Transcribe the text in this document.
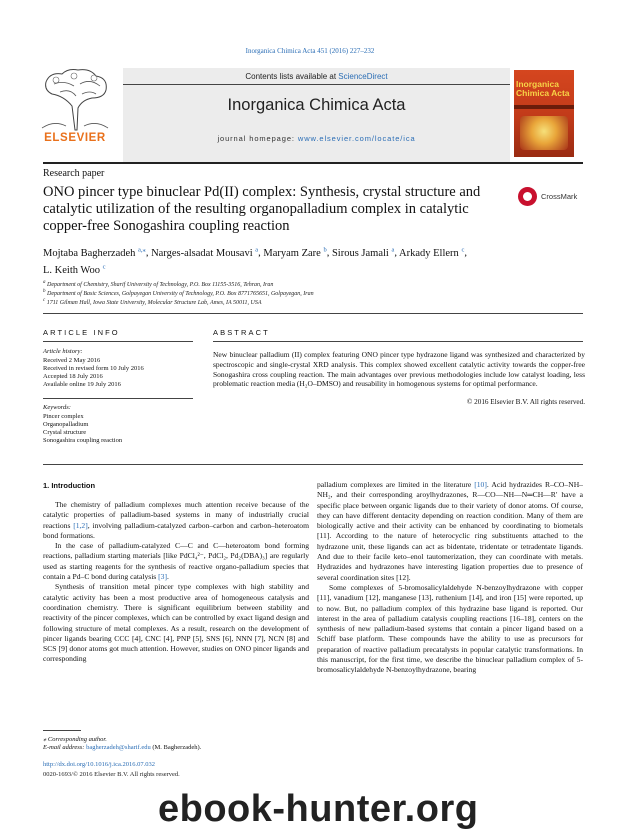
Inorganica Chimica Acta 451 (2016) 227–232
ELSEVIER
Contents lists available at ScienceDirect
Inorganica Chimica Acta
journal homepage: www.elsevier.com/locate/ica
Inorganica Chimica Acta
Research paper
ONO pincer type binuclear Pd(II) complex: Synthesis, crystal structure and catalytic utilization of the resulting organopalladium complex in catalytic copper-free Sonogashira coupling reaction
CrossMark
Mojtaba Bagherzadeh $^{a,⁎}$, Narges-alsadat Mousavi $^a$, Maryam Zare $^b$, Sirous Jamali $^a$, Arkady Ellern $^c$,
L. Keith Woo $^c$
$^a$ Department of Chemistry, Sharif University of Technology, P.O. Box 11155-3516, Tehran, Iran
$^b$ Department of Basic Sciences, Golpayegan University of Technology, P.O. Box 8771765651, Golpayegan, Iran
$^c$ 1711 Gilman Hall, Iowa State University, Molecular Structure Lab, Ames, IA 50011, USA
ARTICLE INFO
Article history:
Received 2 May 2016
Received in revised form 10 July 2016
Accepted 18 July 2016
Available online 19 July 2016
Keywords:
Pincer complex
Organopalladium
Crystal structure
Sonogashira coupling reaction
ABSTRACT
New binuclear palladium (II) complex featuring ONO pincer type hydrazone ligand was synthesized and characterized by spectroscopic and single-crystal XRD analysis. This complex showed excellent catalytic activity towards the copper-free Sonogashira cross coupling reaction. The main advantages over previous methodologies include low catalyst loading, less problematic reaction media (H₂O–DMSO) and reusability in homogenous systems for optimal performance.
© 2016 Elsevier B.V. All rights reserved.
1. Introduction

The chemistry of palladium complexes much attention receive because of the catalytic properties of palladium-based systems in many of industrially crucial reactions [1,2], involving palladium-catalyzed carbon–carbon and carbon–heteroatom bond formations.

In the case of palladium-catalyzed C—C and C—heteroatom bond forming reactions, palladium starting materials [like PdCl₄²⁻, PdCl₂, Pd₂(DBA)₃] are regularly used as starting reagents for the synthesis of reactive organo-palladium species that contain a Pd–C bond during catalysis [3].

Synthesis of transition metal pincer type complexes with high stability and catalytic activity has been a most productive area of homogeneous catalysis and coordination chemistry. There is significant equilibrium between stability and reactivity of the pincer complexes, which can be controlled by exact ligand design and following structure of metal complexes. As a result, research on the development of pincer ligands bearing CCC [4], CNC [4], PNP [5], SNS [6], NNN [7], NCN [8] and SCS [9] donor atoms got much attention. However, studies on ONO pincer ligands and corresponding

palladium complexes are limited in the literature [10]. Acid hydrazides R–CO–NH–NH₂, and their corresponding aroylhydrazones, R—CO—NH—N═CH—R′ have a specific place between organic ligands due to their variety of donor atoms. Of course, they can have different dentacity depending on reaction condition. Many of them are biologically active and their activity can be enhanced by coordinating to biometals [11]. According to the nature of heterocyclic ring substituents attached to the hydrazone unit, these ligands can act as bidentate, tridentate or tetradentate ligands. And due to their facile keto–enol tautomerization, they can coordinate with metals. Hydrazides and hydrazones have interesting ligation properties due to presence of several coordination sites [12].

Some complexes of 5-bromosalicylaldehyde N-benzoylhydrazone with copper [11], vanadium [12], manganese [13], ruthenium [14], and iron [15] were reported, up to now. But, no palladium complex of this hydrazine base ligand is reported. Our interest in the area of palladium catalysis coupling reactions [16–18], centers on the synthesis of new palladium-based systems that contain a pincer ligand based on a Schiff base platform. These compounds have the ability to use as precursors for preparation of reactive palladium precatalysts in popular catalytic transformations. In this manuscript, for the first time, we describe the binuclear palladium complex of 5-bromosalicylaldehyde N-benzoylhydrazone, bearing

⁎ Corresponding author.
E-mail address: bagherzadeh@sharif.edu (M. Bagherzadeh).
http://dx.doi.org/10.1016/j.ica.2016.07.032
0020-1693/© 2016 Elsevier B.V. All rights reserved.
ebook-hunter.org
